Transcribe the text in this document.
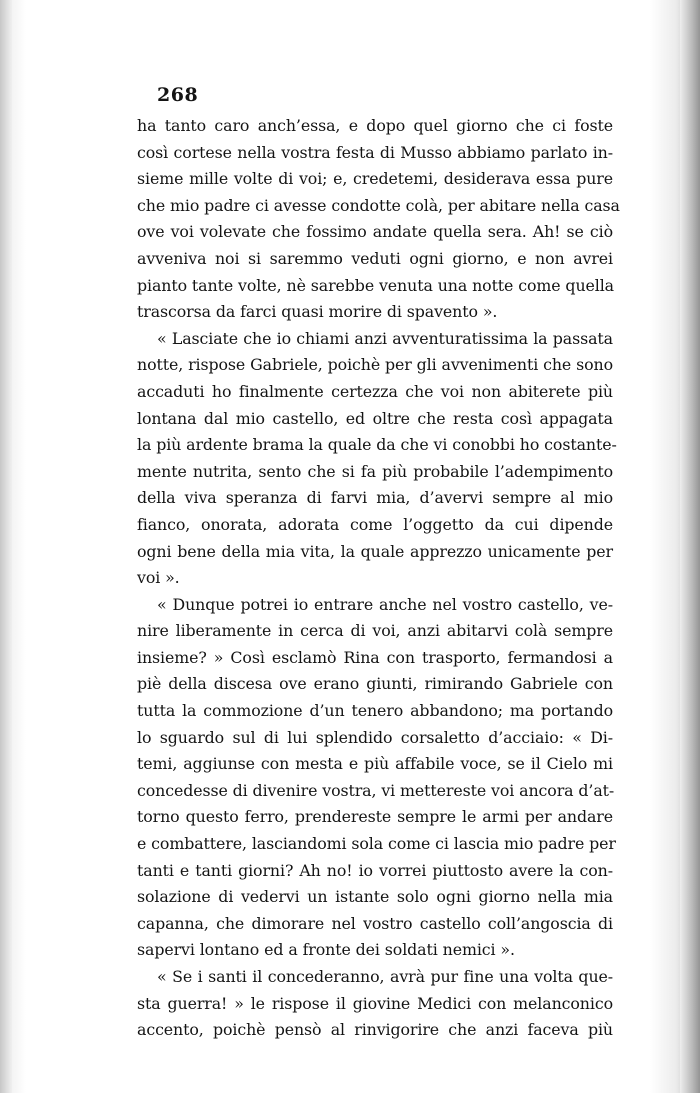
268
ha tanto caro anch’essa, e dopo quel giorno che ci foste
così cortese nella vostra festa di Musso abbiamo parlato in-
sieme mille volte di voi; e, credetemi, desiderava essa pure
che mio padre ci avesse condotte colà, per abitare nella casa
ove voi volevate che fossimo andate quella sera. Ah! se ciò
avveniva noi si saremmo veduti ogni giorno, e non avrei
pianto tante volte, nè sarebbe venuta una notte come quella
trascorsa da farci quasi morire di spavento ».
« Lasciate che io chiami anzi avventuratissima la passata
notte, rispose Gabriele, poichè per gli avvenimenti che sono
accaduti ho finalmente certezza che voi non abiterete più
lontana dal mio castello, ed oltre che resta così appagata
la più ardente brama la quale da che vi conobbi ho costante-
mente nutrita, sento che si fa più probabile l’adempimento
della viva speranza di farvi mia, d’avervi sempre al mio
fianco, onorata, adorata come l’oggetto da cui dipende
ogni bene della mia vita, la quale apprezzo unicamente per
voi ».
« Dunque potrei io entrare anche nel vostro castello, ve-
nire liberamente in cerca di voi, anzi abitarvi colà sempre
insieme? » Così esclamò Rina con trasporto, fermandosi a
piè della discesa ove erano giunti, rimirando Gabriele con
tutta la commozione d’un tenero abbandono; ma portando
lo sguardo sul di lui splendido corsaletto d’acciaio: « Di-
temi, aggiunse con mesta e più affabile voce, se il Cielo mi
concedesse di divenire vostra, vi mettereste voi ancora d’at-
torno questo ferro, prendereste sempre le armi per andare
e combattere, lasciandomi sola come ci lascia mio padre per
tanti e tanti giorni? Ah no! io vorrei piuttosto avere la con-
solazione di vedervi un istante solo ogni giorno nella mia
capanna, che dimorare nel vostro castello coll’angoscia di
sapervi lontano ed a fronte dei soldati nemici ».
« Se i santi il concederanno, avrà pur fine una volta que-
sta guerra! » le rispose il giovine Medici con melanconico
accento, poichè pensò al rinvigorire che anzi faceva più
